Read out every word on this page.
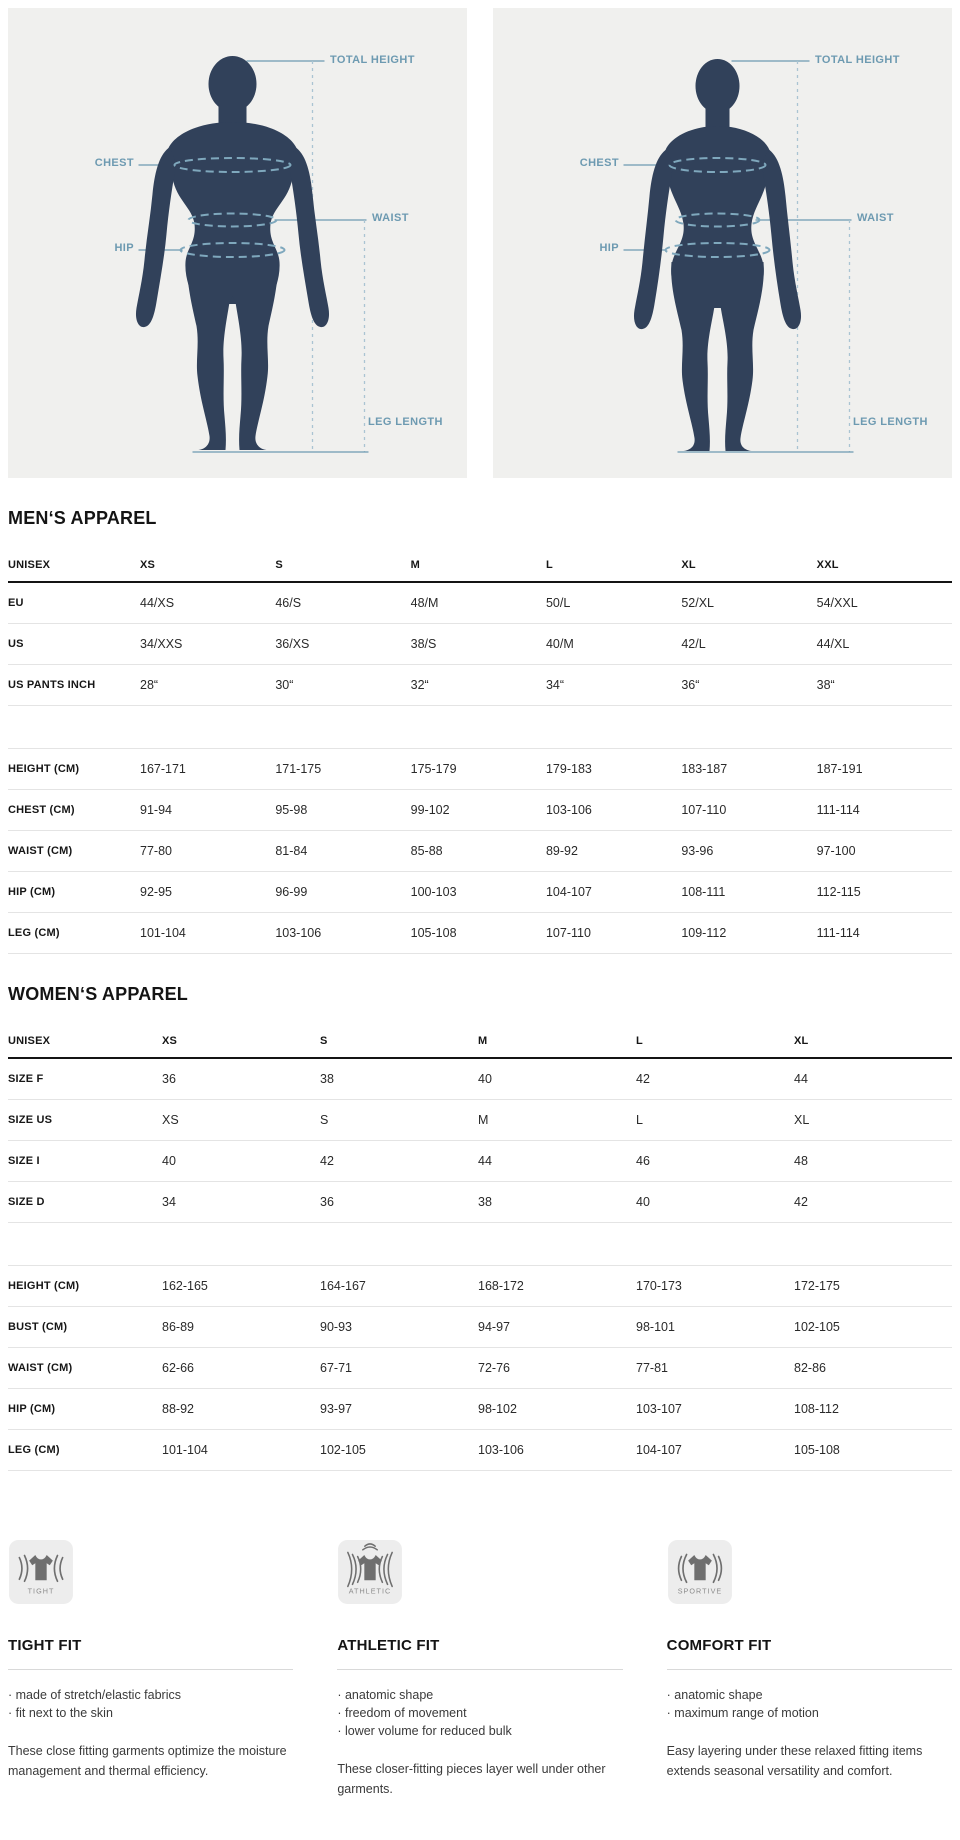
TOTAL HEIGHT
CHEST
WAIST
HIP
LEG LENGTH
TOTAL HEIGHT
CHEST
WAIST
HIP
LEG LENGTH
MEN‘S APPAREL
UNISEX	XS	S	M	L	XL	XXL
EU	44/XS	46/S	48/M	50/L	52/XL	54/XXL
US	34/XXS	36/XS	38/S	40/M	42/L	44/XL
US PANTS INCH	28“	30“	32“	34“	36“	38“
HEIGHT (CM)	167-171	171-175	175-179	179-183	183-187	187-191
CHEST (CM)	91-94	95-98	99-102	103-106	107-110	111-114
WAIST (CM)	77-80	81-84	85-88	89-92	93-96	97-100
HIP (CM)	92-95	96-99	100-103	104-107	108-111	112-115
LEG (CM)	101-104	103-106	105-108	107-110	109-112	111-114
WOMEN‘S APPAREL
UNISEX	XS	S	M	L	XL
SIZE F	36	38	40	42	44
SIZE US	XS	S	M	L	XL
SIZE I	40	42	44	46	48
SIZE D	34	36	38	40	42
HEIGHT (CM)	162-165	164-167	168-172	170-173	172-175
BUST (CM)	86-89	90-93	94-97	98-101	102-105
WAIST (CM)	62-66	67-71	72-76	77-81	82-86
HIP (CM)	88-92	93-97	98-102	103-107	108-112
LEG (CM)	101-104	102-105	103-106	104-107	105-108
TIGHT
TIGHT FIT
· made of stretch/elastic fabrics
· fit next to the skin

These close fitting garments optimize the moisture management and thermal efficiency.

ATHLETIC
ATHLETIC FIT
· anatomic shape
· freedom of movement
· lower volume for reduced bulk

These closer-fitting pieces layer well under other garments.

SPORTIVE
COMFORT FIT
· anatomic shape
· maximum range of motion

Easy layering under these relaxed fitting items extends seasonal versatility and comfort.
